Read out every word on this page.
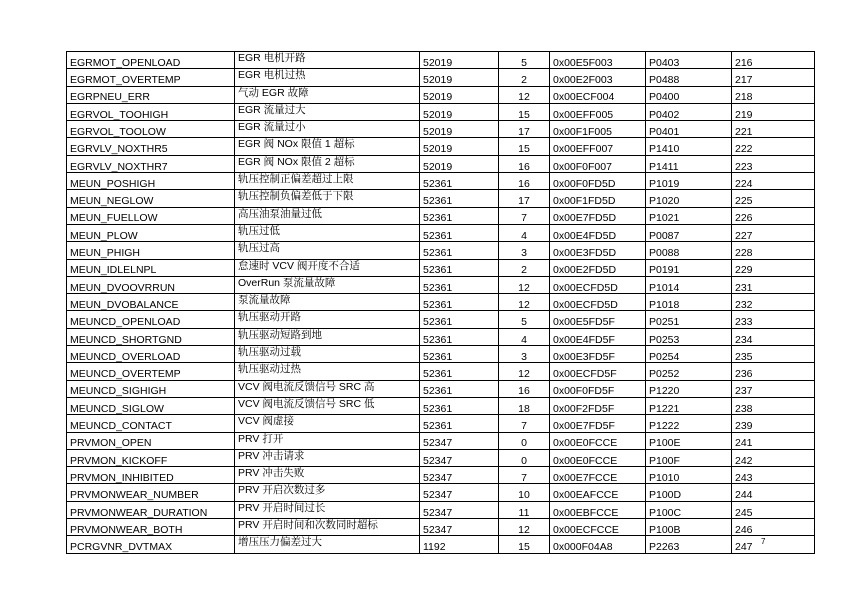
EGRMOT_OPENLOAD	EGR 电机开路	52019	5	0x00E5F003	P0403	216
EGRMOT_OVERTEMP	EGR 电机过热	52019	2	0x00E2F003	P0488	217
EGRPNEU_ERR	气动 EGR 故障	52019	12	0x00ECF004	P0400	218
EGRVOL_TOOHIGH	EGR 流量过大	52019	15	0x00EFF005	P0402	219
EGRVOL_TOOLOW	EGR 流量过小	52019	17	0x00F1F005	P0401	221
EGRVLV_NOXTHR5	EGR 阀 NOx 限值 1 超标	52019	15	0x00EFF007	P1410	222
EGRVLV_NOXTHR7	EGR 阀 NOx 限值 2 超标	52019	16	0x00F0F007	P1411	223
MEUN_POSHIGH	轨压控制正偏差超过上限	52361	16	0x00F0FD5D	P1019	224
MEUN_NEGLOW	轨压控制负偏差低于下限	52361	17	0x00F1FD5D	P1020	225
MEUN_FUELLOW	高压油泵油量过低	52361	7	0x00E7FD5D	P1021	226
MEUN_PLOW	轨压过低	52361	4	0x00E4FD5D	P0087	227
MEUN_PHIGH	轨压过高	52361	3	0x00E3FD5D	P0088	228
MEUN_IDLELNPL	怠速时 VCV 阀开度不合适	52361	2	0x00E2FD5D	P0191	229
MEUN_DVOOVRRUN	OverRun 泵流量故障	52361	12	0x00ECFD5D	P1014	231
MEUN_DVOBALANCE	泵流量故障	52361	12	0x00ECFD5D	P1018	232
MEUNCD_OPENLOAD	轨压驱动开路	52361	5	0x00E5FD5F	P0251	233
MEUNCD_SHORTGND	轨压驱动短路到地	52361	4	0x00E4FD5F	P0253	234
MEUNCD_OVERLOAD	轨压驱动过载	52361	3	0x00E3FD5F	P0254	235
MEUNCD_OVERTEMP	轨压驱动过热	52361	12	0x00ECFD5F	P0252	236
MEUNCD_SIGHIGH	VCV 阀电流反馈信号 SRC 高	52361	16	0x00F0FD5F	P1220	237
MEUNCD_SIGLOW	VCV 阀电流反馈信号 SRC 低	52361	18	0x00F2FD5F	P1221	238
MEUNCD_CONTACT	VCV 阀虚接	52361	7	0x00E7FD5F	P1222	239
PRVMON_OPEN	PRV 打开	52347	0	0x00E0FCCE	P100E	241
PRVMON_KICKOFF	PRV 冲击请求	52347	0	0x00E0FCCE	P100F	242
PRVMON_INHIBITED	PRV 冲击失败	52347	7	0x00E7FCCE	P1010	243
PRVMONWEAR_NUMBER	PRV 开启次数过多	52347	10	0x00EAFCCE	P100D	244
PRVMONWEAR_DURATION	PRV 开启时间过长	52347	11	0x00EBFCCE	P100C	245
PRVMONWEAR_BOTH	PRV 开启时间和次数同时超标	52347	12	0x00ECFCCE	P100B	246
PCRGVNR_DVTMAX	增压压力偏差过大	1192	15	0x000F04A8	P2263	247 7
